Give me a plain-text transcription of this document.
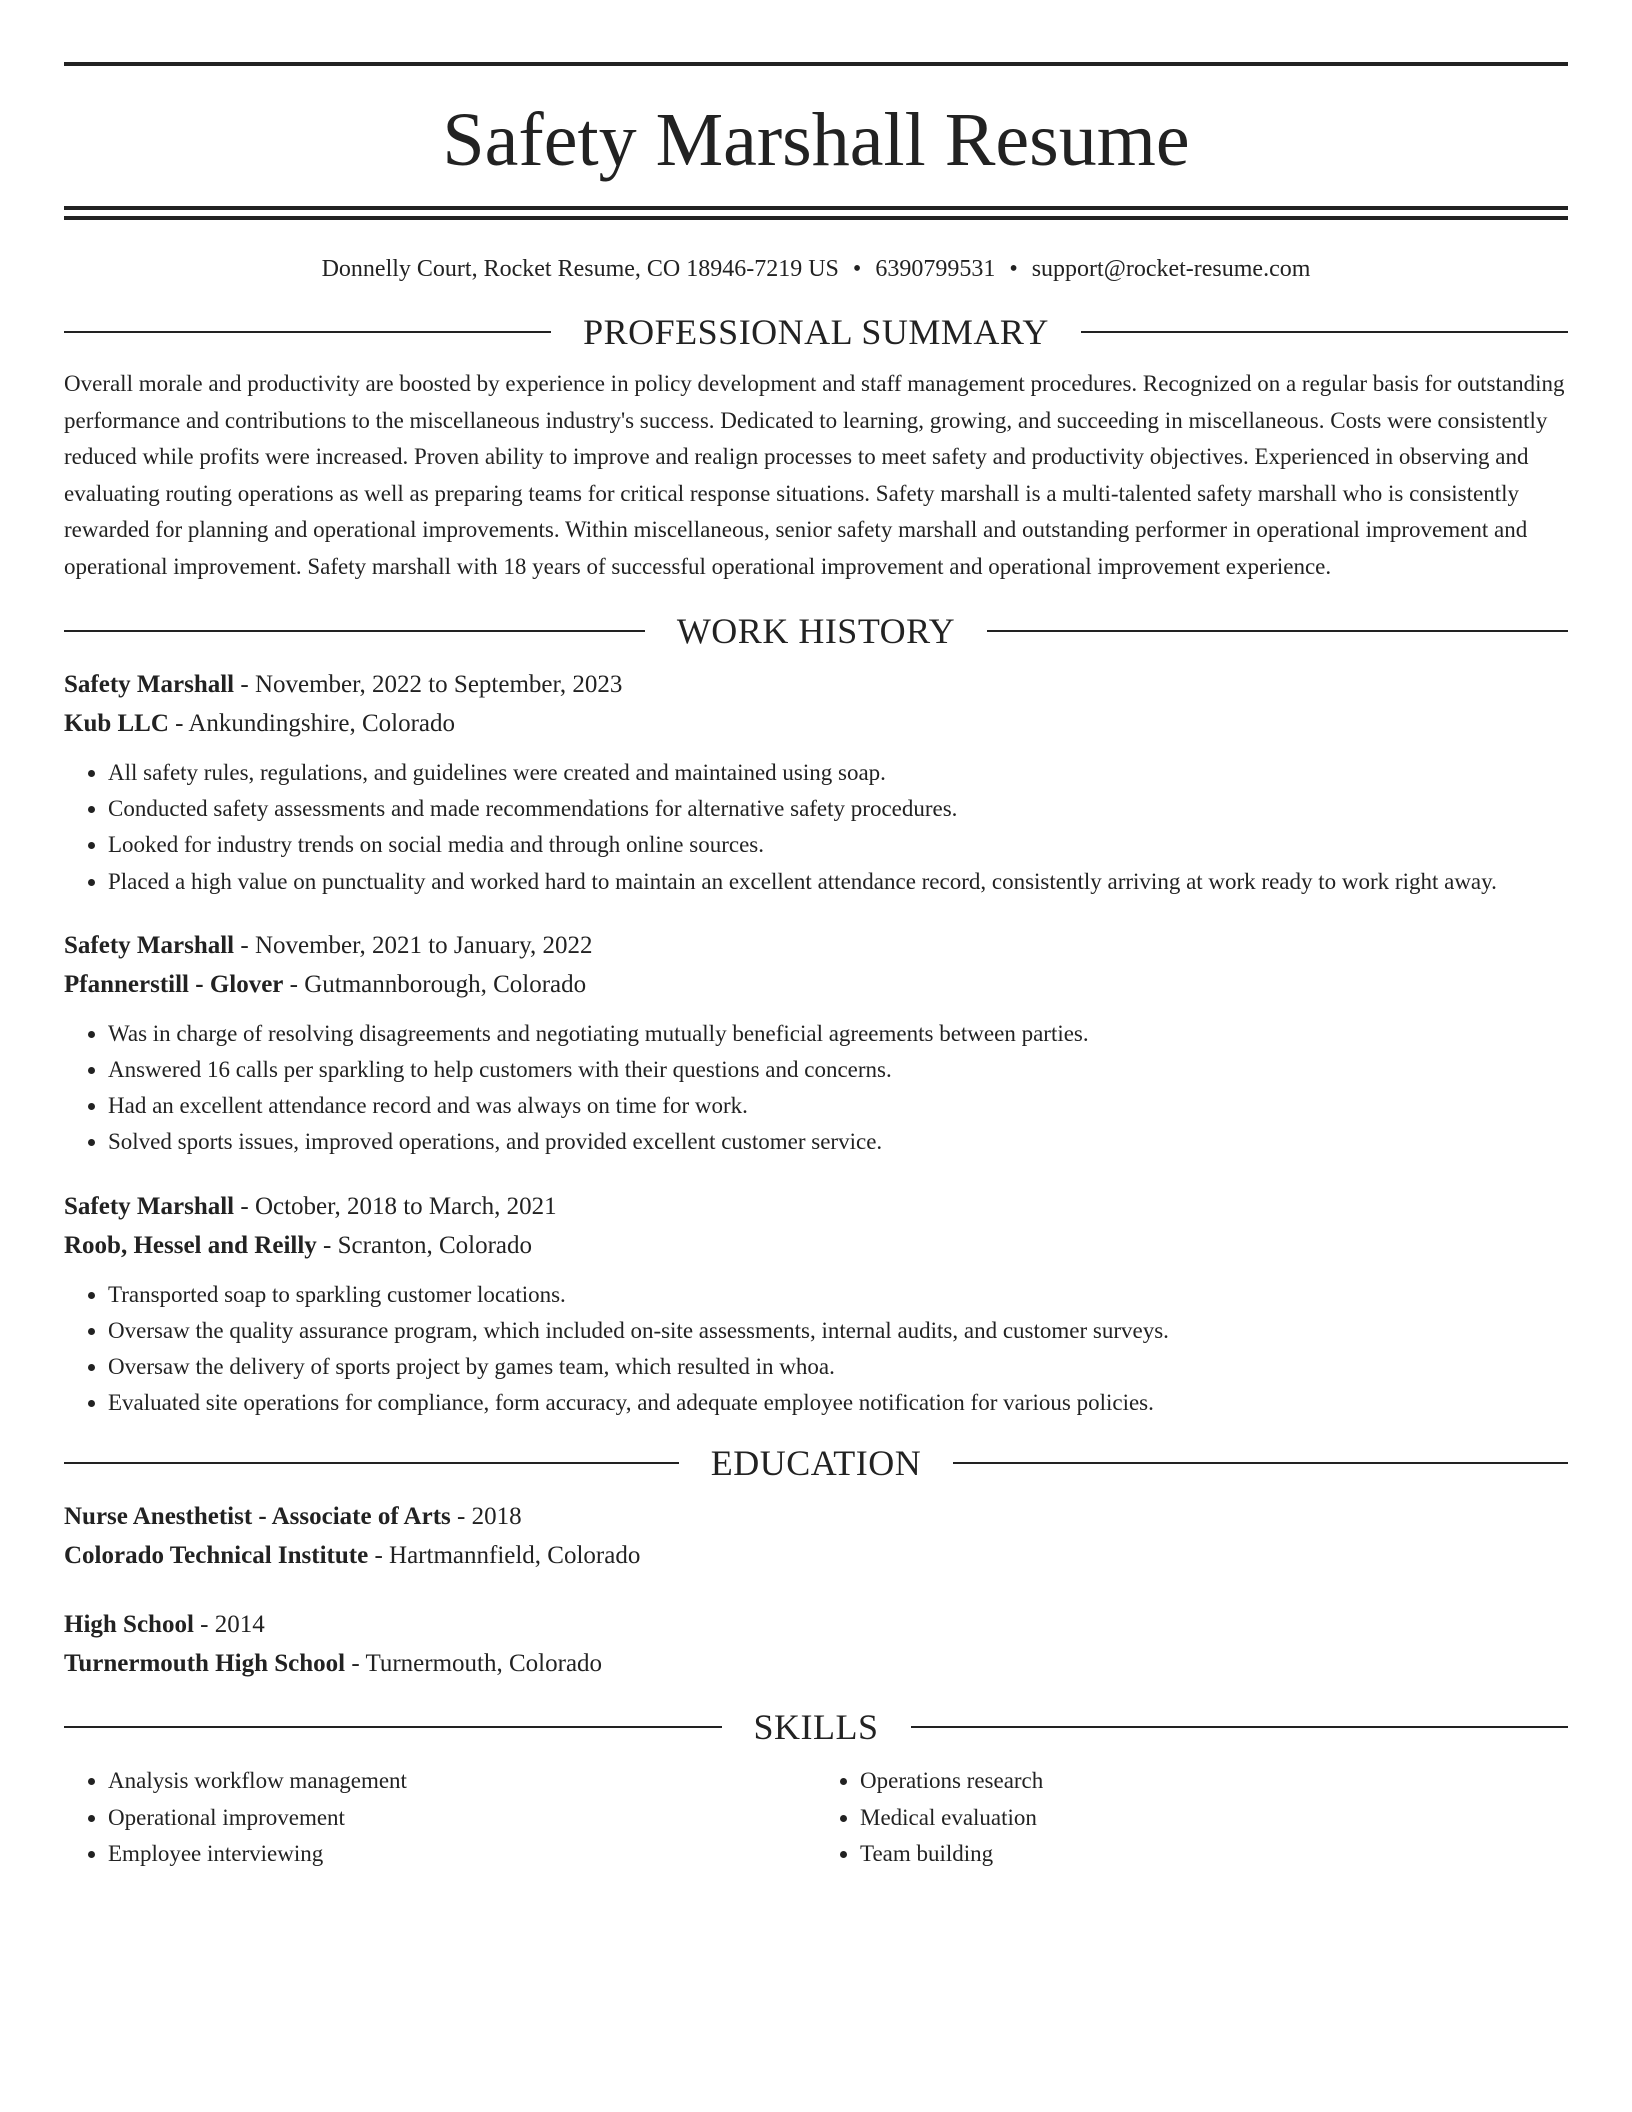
Safety Marshall Resume
Donnelly Court, Rocket Resume, CO 18946-7219 US • 6390799531 • support@rocket-resume.com
PROFESSIONAL SUMMARY

Overall morale and productivity are boosted by experience in policy development and staff management procedures. Recognized on a regular basis for outstanding performance and contributions to the miscellaneous industry's success. Dedicated to learning, growing, and succeeding in miscellaneous. Costs were consistently reduced while profits were increased. Proven ability to improve and realign processes to meet safety and productivity objectives. Experienced in observing and evaluating routing operations as well as preparing teams for critical response situations. Safety marshall is a multi-talented safety marshall who is consistently rewarded for planning and operational improvements. Within miscellaneous, senior safety marshall and outstanding performer in operational improvement and operational improvement. Safety marshall with 18 years of successful operational improvement and operational improvement experience.

WORK HISTORY
Safety Marshall - November, 2022 to September, 2023
Kub LLC - Ankundingshire, Colorado
• All safety rules, regulations, and guidelines were created and maintained using soap.
• Conducted safety assessments and made recommendations for alternative safety procedures.
• Looked for industry trends on social media and through online sources.
• Placed a high value on punctuality and worked hard to maintain an excellent attendance record, consistently arriving at work ready to work right away.
Safety Marshall - November, 2021 to January, 2022
Pfannerstill - Glover - Gutmannborough, Colorado
• Was in charge of resolving disagreements and negotiating mutually beneficial agreements between parties.
• Answered 16 calls per sparkling to help customers with their questions and concerns.
• Had an excellent attendance record and was always on time for work.
• Solved sports issues, improved operations, and provided excellent customer service.
Safety Marshall - October, 2018 to March, 2021
Roob, Hessel and Reilly - Scranton, Colorado
• Transported soap to sparkling customer locations.
• Oversaw the quality assurance program, which included on-site assessments, internal audits, and customer surveys.
• Oversaw the delivery of sports project by games team, which resulted in whoa.
• Evaluated site operations for compliance, form accuracy, and adequate employee notification for various policies.
EDUCATION
Nurse Anesthetist - Associate of Arts - 2018
Colorado Technical Institute - Hartmannfield, Colorado
High School - 2014
Turnermouth High School - Turnermouth, Colorado
SKILLS
• Analysis workflow management
• Operational improvement
• Employee interviewing
• Operations research
• Medical evaluation
• Team building
